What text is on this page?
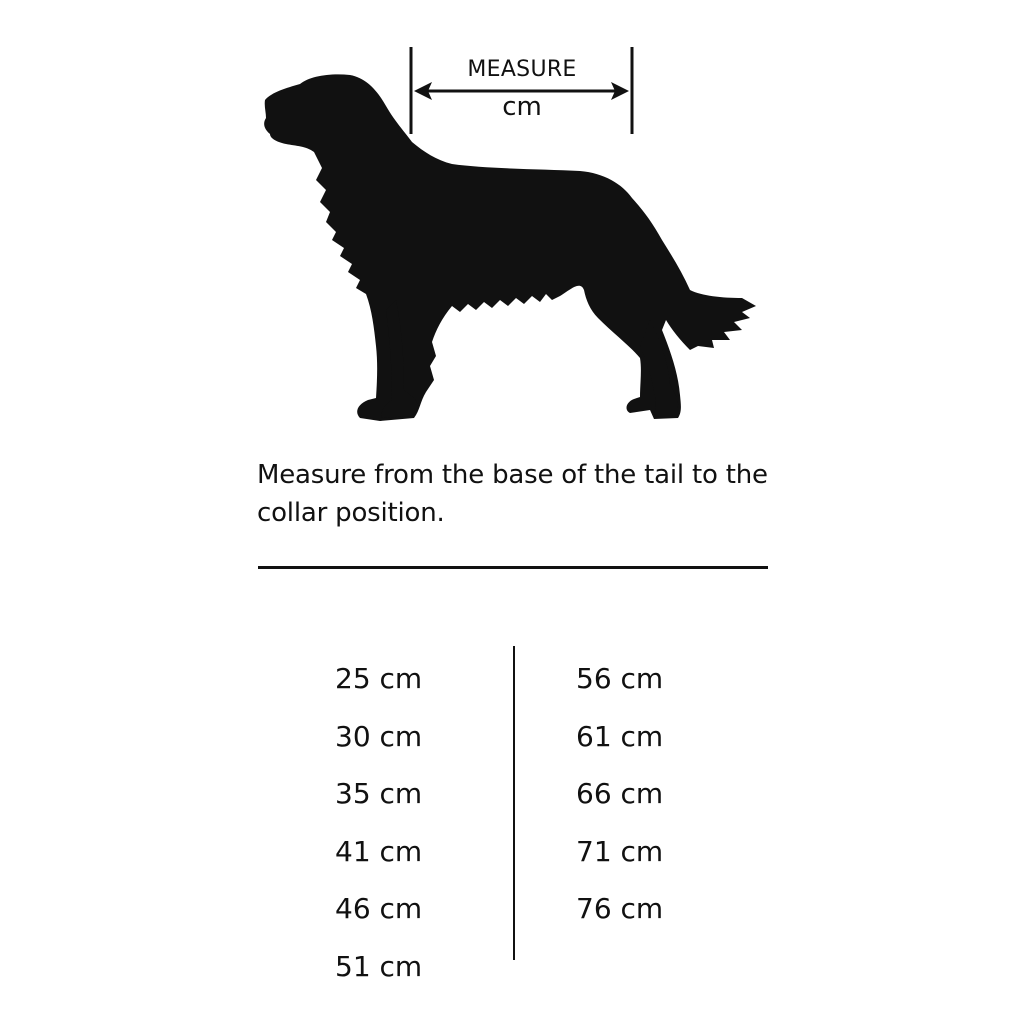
MEASURE
cm
Measure from the base of the tail to the collar position.
25 cm
30 cm
35 cm
41 cm
46 cm
51 cm
56 cm
61 cm
66 cm
71 cm
76 cm
